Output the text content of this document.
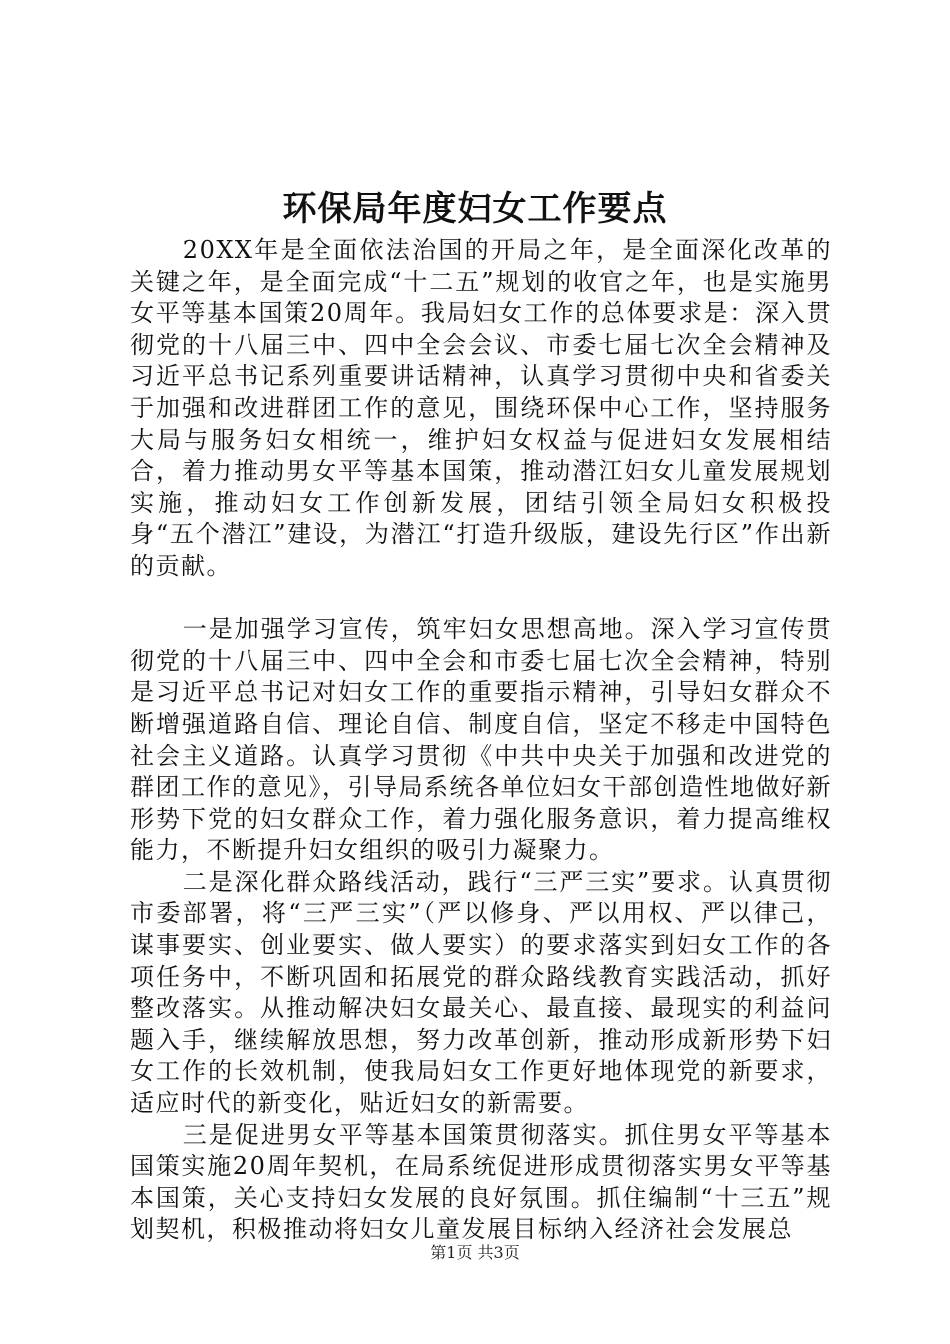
环保局年度妇女工作要点

20XX年是全面依法治国的开局之年，是全面深化改革的关键之年，是全面完成“十二五”规划的收官之年，也是实施男女平等基本国策20周年。我局妇女工作的总体要求是：深入贯彻党的十八届三中、四中全会会议、市委七届七次全会精神及习近平总书记系列重要讲话精神，认真学习贯彻中央和省委关于加强和改进群团工作的意见，围绕环保中心工作，坚持服务大局与服务妇女相统一，维护妇女权益与促进妇女发展相结合，着力推动男女平等基本国策，推动潜江妇女儿童发展规划实施，推动妇女工作创新发展，团结引领全局妇女积极投身“五个潜江”建设，为潜江“打造升级版，建设先行区”作出新的贡献。

一是加强学习宣传，筑牢妇女思想高地。深入学习宣传贯彻党的十八届三中、四中全会和市委七届七次全会精神，特别是习近平总书记对妇女工作的重要指示精神，引导妇女群众不断增强道路自信、理论自信、制度自信，坚定不移走中国特色社会主义道路。认真学习贯彻《中共中央关于加强和改进党的群团工作的意见》，引导局系统各单位妇女干部创造性地做好新形势下党的妇女群众工作，着力强化服务意识，着力提高维权能力，不断提升妇女组织的吸引力凝聚力。

二是深化群众路线活动，践行“三严三实”要求。认真贯彻市委部署，将“三严三实”（严以修身、严以用权、严以律己，谋事要实、创业要实、做人要实）的要求落实到妇女工作的各项任务中，不断巩固和拓展党的群众路线教育实践活动，抓好整改落实。从推动解决妇女最关心、最直接、最现实的利益问题入手，继续解放思想，努力改革创新，推动形成新形势下妇女工作的长效机制，使我局妇女工作更好地体现党的新要求，适应时代的新变化，贴近妇女的新需要。

三是促进男女平等基本国策贯彻落实。抓住男女平等基本国策实施20周年契机，在局系统促进形成贯彻落实男女平等基本国策，关心支持妇女发展的良好氛围。抓住编制“十三五”规划契机，积极推动将妇女儿童发展目标纳入经济社会发展总

第1页 共3页
